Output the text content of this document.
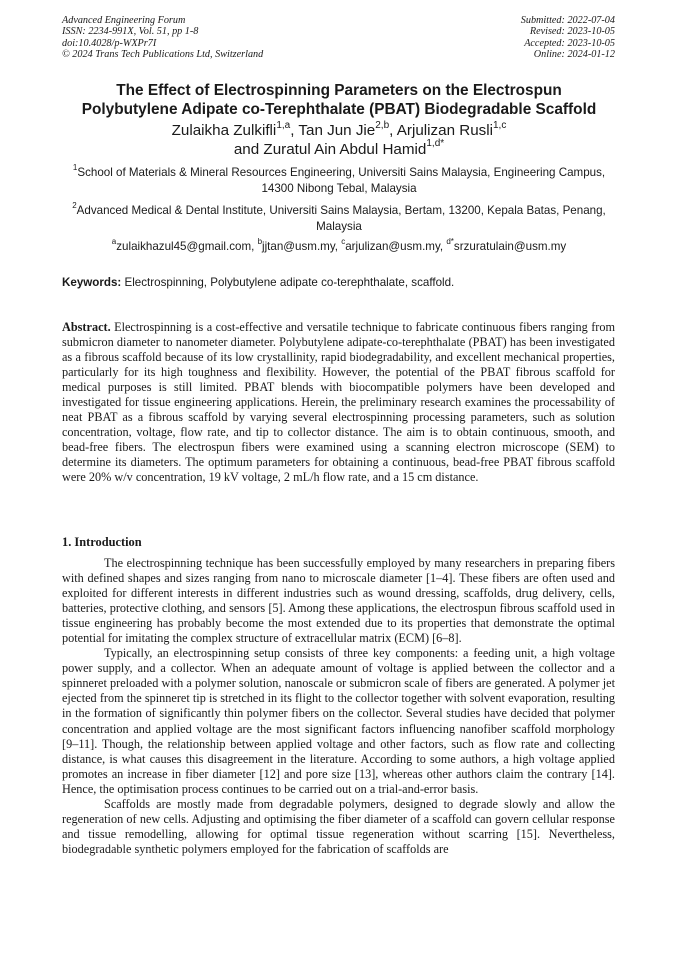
Advanced Engineering Forum
ISSN: 2234-991X, Vol. 51, pp 1-8
doi:10.4028/p-WXPr7I
© 2024 Trans Tech Publications Ltd, Switzerland
Submitted: 2022-07-04
Revised: 2023-10-05
Accepted: 2023-10-05
Online: 2024-01-12
The Effect of Electrospinning Parameters on the Electrospun
Polybutylene Adipate co-Terephthalate (PBAT) Biodegradable Scaffold
Zulaikha Zulkifli$^{1,a}$, Tan Jun Jie$^{2,b}$, Arjulizan Rusli$^{1,c}$
and Zuratul Ain Abdul Hamid$^{1,d*}$
$^1$School of Materials & Mineral Resources Engineering, Universiti Sains Malaysia, Engineering Campus, 14300 Nibong Tebal, Malaysia
$^2$Advanced Medical & Dental Institute, Universiti Sains Malaysia, Bertam, 13200, Kepala Batas, Penang, Malaysia
$^a$zulaikhazul45@gmail.com, $^b$jjtan@usm.my, $^c$arjulizan@usm.my, $^{d*}$srzuratulain@usm.my
Keywords: Electrospinning, Polybutylene adipate co-terephthalate, scaffold.
Abstract. Electrospinning is a cost-effective and versatile technique to fabricate continuous fibers ranging from submicron diameter to nanometer diameter. Polybutylene adipate-co-terephthalate (PBAT) has been investigated as a fibrous scaffold because of its low crystallinity, rapid biodegradability, and excellent mechanical properties, particularly for its high toughness and flexibility. However, the potential of the PBAT fibrous scaffold for medical purposes is still limited. PBAT blends with biocompatible polymers have been developed and investigated for tissue engineering applications. Herein, the preliminary research examines the processability of neat PBAT as a fibrous scaffold by varying several electrospinning processing parameters, such as solution concentration, voltage, flow rate, and tip to collector distance. The aim is to obtain continuous, smooth, and bead-free fibers. The electrospun fibers were examined using a scanning electron microscope (SEM) to determine its diameters. The optimum parameters for obtaining a continuous, bead-free PBAT fibrous scaffold were 20% w/v concentration, 19 kV voltage, 2 mL/h flow rate, and a 15 cm distance.
1. Introduction

The electrospinning technique has been successfully employed by many researchers in preparing fibers with defined shapes and sizes ranging from nano to microscale diameter [1–4]. These fibers are often used and exploited for different interests in different industries such as wound dressing, scaffolds, drug delivery, cells, batteries, protective clothing, and sensors [5]. Among these applications, the electrospun fibrous scaffold used in tissue engineering has probably become the most extended due to its properties that demonstrate the optimal potential for imitating the complex structure of extracellular matrix (ECM) [6–8].

Typically, an electrospinning setup consists of three key components: a feeding unit, a high voltage power supply, and a collector. When an adequate amount of voltage is applied between the collector and a spinneret preloaded with a polymer solution, nanoscale or submicron scale of fibers are generated. A polymer jet ejected from the spinneret tip is stretched in its flight to the collector together with solvent evaporation, resulting in the formation of significantly thin polymer fibers on the collector. Several studies have decided that polymer concentration and applied voltage are the most significant factors influencing nanofiber scaffold morphology [9–11]. Though, the relationship between applied voltage and other factors, such as flow rate and collecting distance, is what causes this disagreement in the literature. According to some authors, a high voltage applied promotes an increase in fiber diameter [12] and pore size [13], whereas other authors claim the contrary [14]. Hence, the optimisation process continues to be carried out on a trial-and-error basis.

Scaffolds are mostly made from degradable polymers, designed to degrade slowly and allow the regeneration of new cells. Adjusting and optimising the fiber diameter of a scaffold can govern cellular response and tissue remodelling, allowing for optimal tissue regeneration without scarring [15]. Nevertheless, biodegradable synthetic polymers employed for the fabrication of scaffolds are
